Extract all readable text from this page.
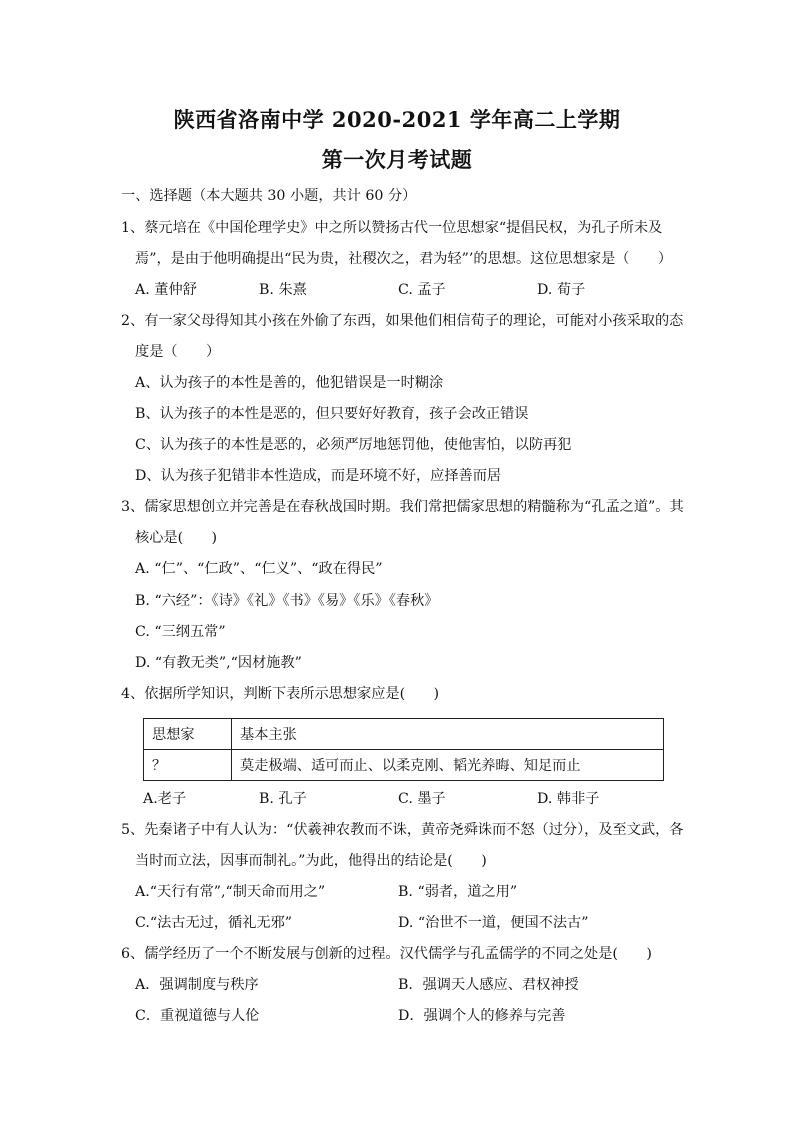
陕西省洛南中学 2020-2021 学年高二上学期
第一次月考试题
一、选择题（本大题共 30 小题，共计 60 分）
1、蔡元培在《中国伦理学史》中之所以赞扬古代一位思想家“提倡民权，为孔子所未及
焉”，是由于他明确提出“民为贵，社稷次之，君为轻”’的思想。这位思想家是（　　）
A. 董仲舒	B. 朱熹	C. 孟子	D. 荀子
2、有一家父母得知其小孩在外偷了东西，如果他们相信荀子的理论，可能对小孩采取的态
度是（　　）
A、认为孩子的本性是善的，他犯错误是一时糊涂
B、认为孩子的本性是恶的，但只要好好教育，孩子会改正错误
C、认为孩子的本性是恶的，必须严厉地惩罚他，使他害怕，以防再犯
D、认为孩子犯错非本性造成，而是环境不好，应择善而居
3、儒家思想创立并完善是在春秋战国时期。我们常把儒家思想的精髓称为“孔孟之道”。其
核心是(　　)
A. “仁”、“仁政”、“仁义”、“政在得民”
B. “六经”：《诗》《礼》《书》《易》《乐》《春秋》
C. “三纲五常”
D. “有教无类”,“因材施教”
4、依据所学知识，判断下表所示思想家应是(　　)
思想家	基本主张
？	莫走极端、适可而止、以柔克刚、韬光养晦、知足而止
A.老子	B. 孔子	C. 墨子	D. 韩非子
5、先秦诸子中有人认为：“伏羲神农教而不诛，黄帝尧舜诛而不怒（过分），及至文武，各
当时而立法，因事而制礼。”为此，他得出的结论是(　　)
A.“天行有常”,“制天命而用之”	B. “弱者，道之用”
C.“法古无过，循礼无邪”	D. “治世不一道，便国不法古”
6、儒学经历了一个不断发展与创新的过程。汉代儒学与孔孟儒学的不同之处是(　　)
A．强调制度与秩序	B．强调天人感应、君权神授
C．重视道德与人伦	D．强调个人的修养与完善
